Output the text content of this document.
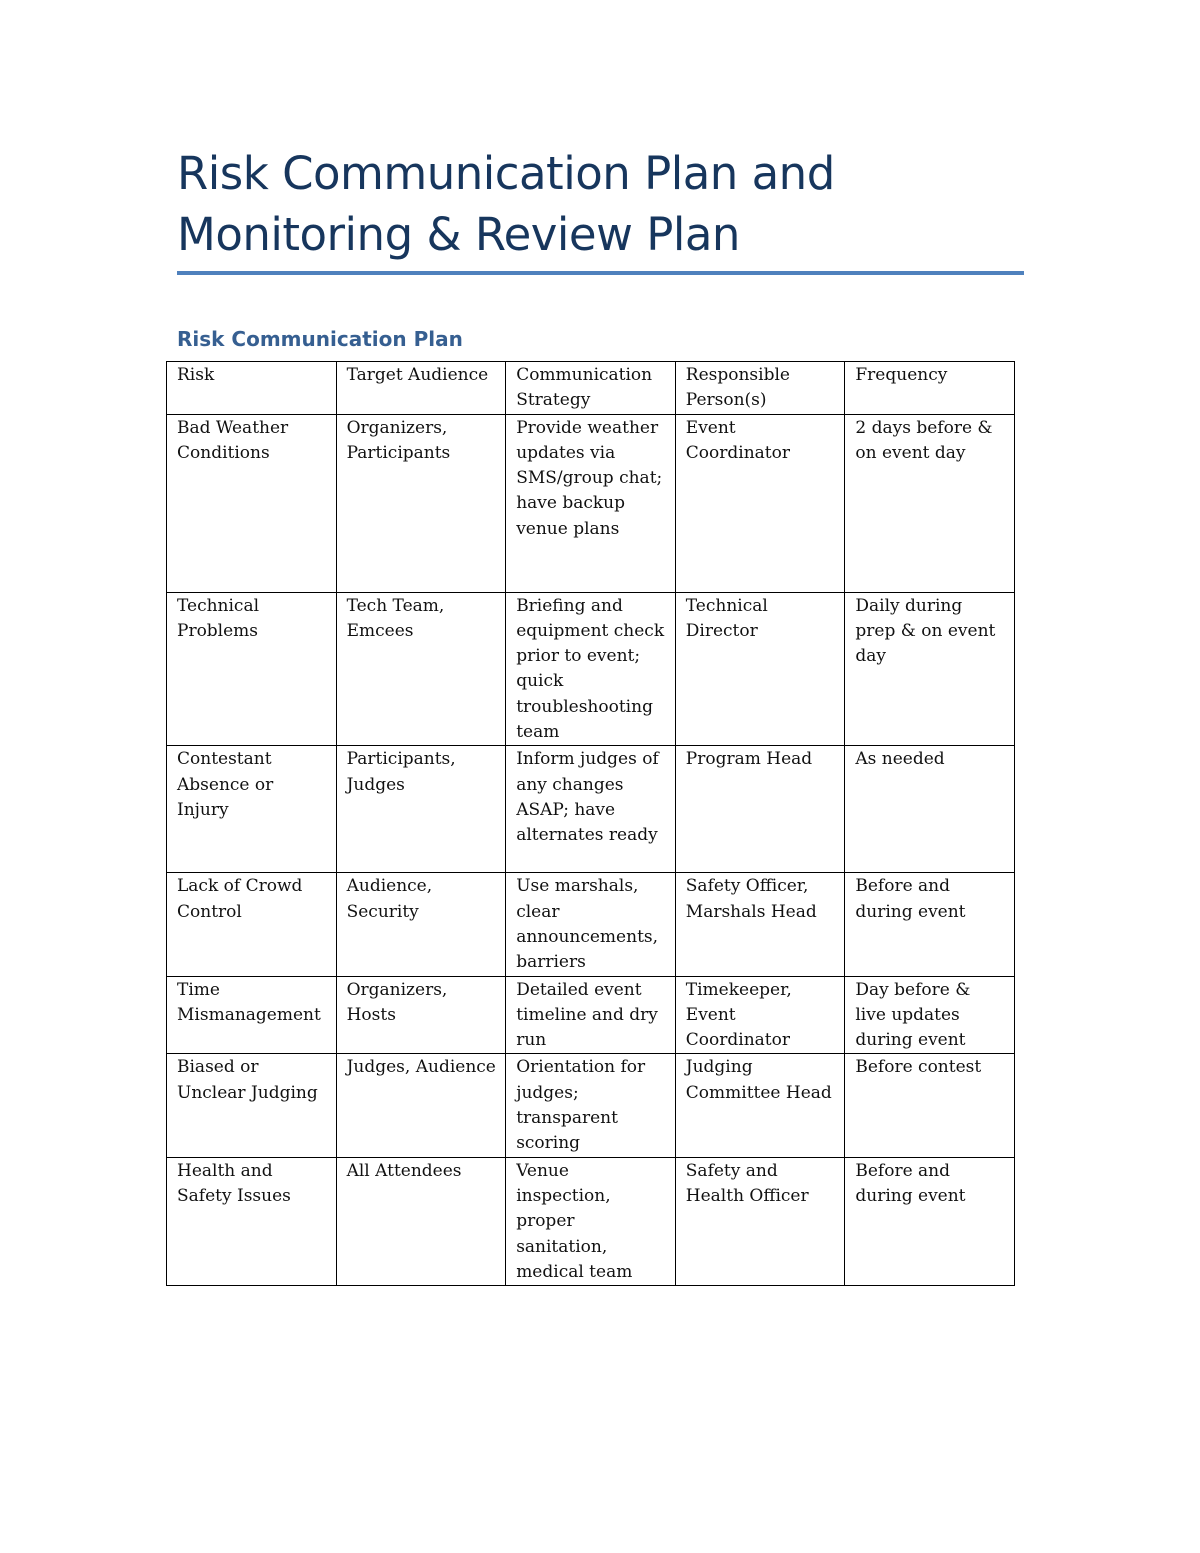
Risk Communication Plan and
Monitoring & Review Plan
Risk Communication Plan
Risk	Target Audience	Communication Strategy	Responsible Person(s)	Frequency
Bad Weather Conditions	Organizers, Participants	Provide weather updates via SMS/group chat; have backup venue plans	Event Coordinator	2 days before & on event day
Technical Problems	Tech Team, Emcees	Briefing and equipment check prior to event; quick troubleshooting team	Technical Director	Daily during prep & on event day
Contestant Absence or Injury	Participants, Judges	Inform judges of any changes ASAP; have alternates ready	Program Head	As needed
Lack of Crowd Control	Audience, Security	Use marshals, clear announcements, barriers	Safety Officer, Marshals Head	Before and during event
Time Mismanagement	Organizers, Hosts	Detailed event timeline and dry run	Timekeeper, Event Coordinator	Day before & live updates during event
Biased or Unclear Judging	Judges, Audience	Orientation for judges; transparent scoring	Judging Committee Head	Before contest
Health and Safety Issues	All Attendees	Venue inspection, proper sanitation, medical team	Safety and Health Officer	Before and during event
